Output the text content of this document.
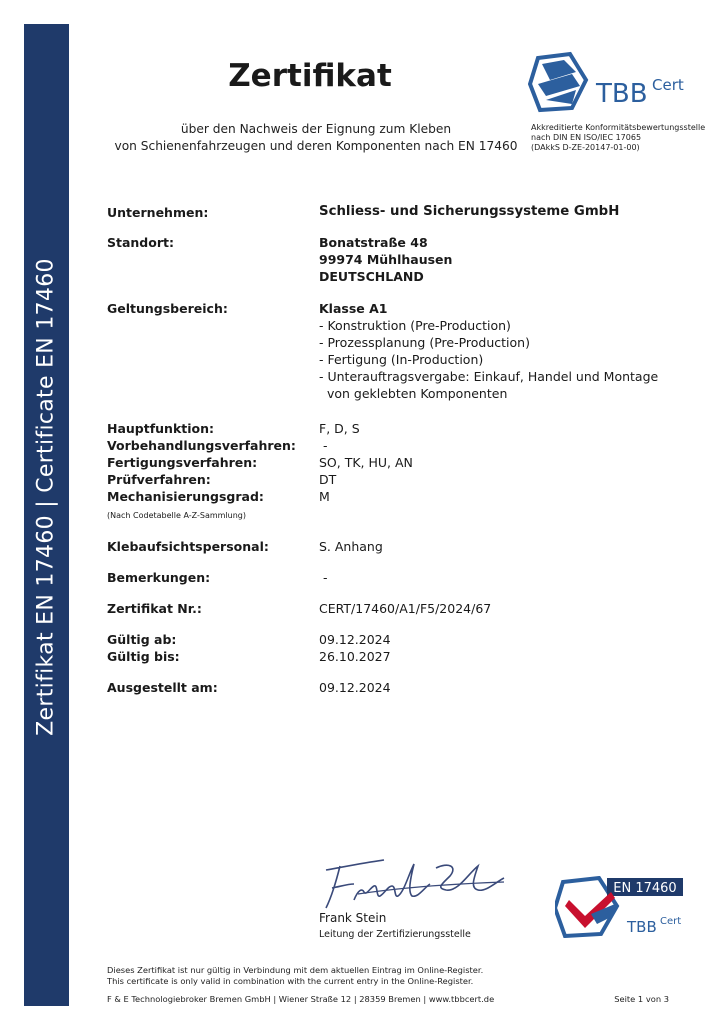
Zertifikat EN 17460 | Certificate EN 17460
Zertifikat
über den Nachweis der Eignung zum Kleben
von Schienenfahrzeugen und deren Komponenten nach EN 17460
TBB Cert
Akkreditierte Konformitätsbewertungsstelle
nach DIN EN ISO/IEC 17065
(DAkkS D-ZE-20147-01-00)
Unternehmen:	Schliess- und Sicherungssysteme GmbH
Standort:	Bonatstraße 48
99974 Mühlhausen
DEUTSCHLAND
Geltungsbereich:	Klasse A1
- Konstruktion (Pre-Production)
- Prozessplanung (Pre-Production)
- Fertigung (In-Production)
- Unterauftragsvergabe: Einkauf, Handel und Montage
von geklebten Komponenten
Hauptfunktion:	F, D, S
Vorbehandlungsverfahren: -
Fertigungsverfahren:	SO, TK, HU, AN
Prüfverfahren:	DT
Mechanisierungsgrad:	M
(Nach Codetabelle A-Z-Sammlung)
Klebaufsichtspersonal:	S. Anhang
Bemerkungen:	-
Zertifikat Nr.:	CERT/17460/A1/F5/2024/67
Gültig ab:	09.12.2024
Gültig bis:	26.10.2027
Ausgestellt am:	09.12.2024
Frank Stein
Leitung der Zertifizierungsstelle
EN 17460
TBB Cert
Dieses Zertifikat ist nur gültig in Verbindung mit dem aktuellen Eintrag im Online-Register.
This certificate is only valid in combination with the current entry in the Online-Register.
F & E Technologiebroker Bremen GmbH | Wiener Straße 12 | 28359 Bremen | www.tbbcert.de	Seite 1 von 3
